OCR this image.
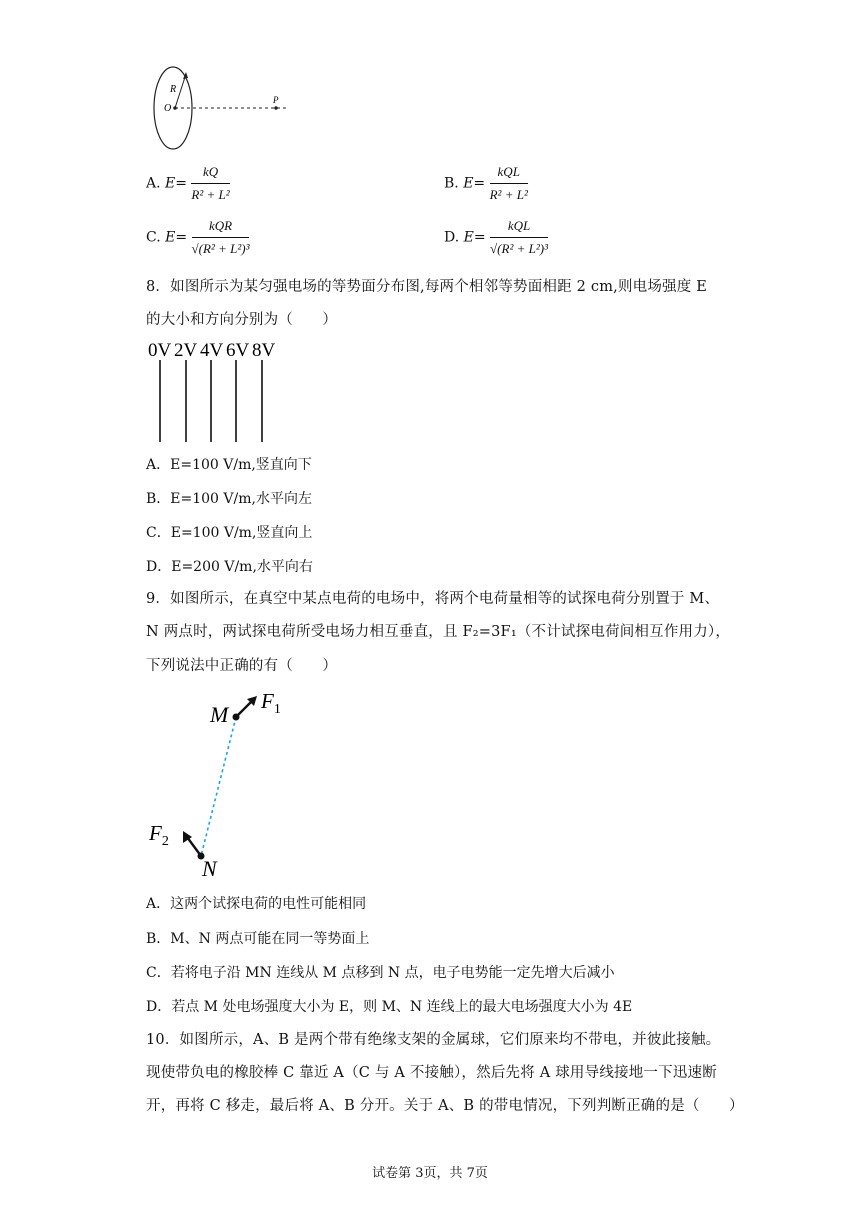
R
O
P
A. $E= \frac{kQ}{\text{R² + L²}}$	B. $E= \frac{\text{kQL}}{\text{R² + L²}}$
C. $E= \frac{\text{kQR}}{\text{√(R² + L²)³}}$	D. $E= \frac{\text{kQL}}{\text{√(R² + L²)³}}$
8．如图所示为某匀强电场的等势面分布图,每两个相邻等势面相距 2 cm,则电场强度 E
的大小和方向分别为（　　）
0V 2V 4V 6V 8V
A．E=100 V/m,竖直向下
B．E=100 V/m,水平向左
C．E=100 V/m,竖直向上
D．E=200 V/m,水平向右
9．如图所示，在真空中某点电荷的电场中，将两个电荷量相等的试探电荷分别置于 M、
N 两点时，两试探电荷所受电场力相互垂直，且 F₂=3F₁（不计试探电荷间相互作用力），
下列说法中正确的有（　　）
M
N
$F_1$
$F_2$
A．这两个试探电荷的电性可能相同
B．M、N 两点可能在同一等势面上
C．若将电子沿 MN 连线从 M 点移到 N 点，电子电势能一定先增大后减小
D．若点 M 处电场强度大小为 E，则 M、N 连线上的最大电场强度大小为 4E
10．如图所示，A、B 是两个带有绝缘支架的金属球，它们原来均不带电，并彼此接触。
现使带负电的橡胶棒 C 靠近 A（C 与 A 不接触），然后先将 A 球用导线接地一下迅速断
开，再将 C 移走，最后将 A、B 分开。关于 A、B 的带电情况，下列判断正确的是（　　）
试卷第 3页，共 7页
